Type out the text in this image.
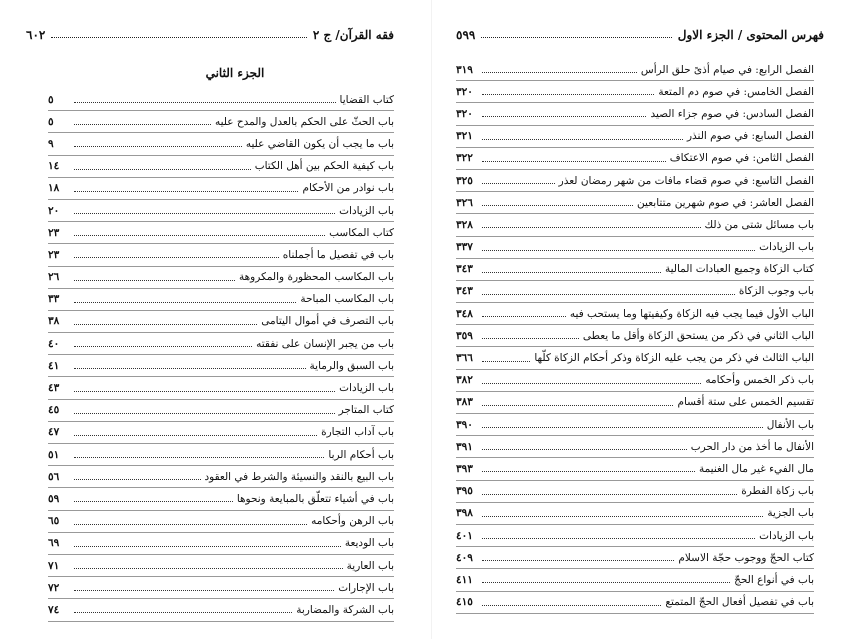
٦٠٢	فقه القرآن/ ج ٢
الجزء الثاني
٥	كتاب القضايا
٥	باب الحثّ على الحكم بالعدل والمدح عليه
٩	باب ما يجب أن يكون القاضي عليه
١٤	باب كيفية الحكم بين أهل الكتاب
١٨	باب نوادر من الأحكام
٢٠	باب الزيادات
٢٣	كتاب المكاسب
٢٣	باب في تفصيل ما أجملناه
٢٦	باب المكاسب المحظورة والمكروهة
٣٣	باب المكاسب المباحة
٣٨	باب التصرف في أموال اليتامى
٤٠	باب من يجبر الإنسان على نفقته
٤١	باب السبق والرماية
٤٣	باب الزيادات
٤٥	كتاب المتاجر
٤٧	باب آداب التجارة
٥١	باب أحكام الربا
٥٦	باب البيع بالنقد والنسيئة والشرط في العقود
٥٩	باب في أشياء تتعلّق بالمبايعة ونحوها
٦٥	باب الرهن وأحكامه
٦٩	باب الوديعة
٧١	باب العارية
٧٢	باب الإجارات
٧٤	باب الشركة والمضاربة
٥٩٩	فهرس المحتوى / الجزء الاول
٣١٩	الفصل الرابع: في صيام أذىً حلق الرأس
٣٢٠	الفصل الخامس: في صوم دم المتعة
٣٢٠	الفصل السادس: في صوم جزاء الصيد
٣٢١	الفصل السابع: في صوم النذر
٣٢٢	الفصل الثامن: في صوم الاعتكاف
٣٢٥	الفصل التاسع: في صوم قضاء مافات من شهر رمضان لعذر
٣٢٦	الفصل العاشر: في صوم شهرين متتابعين
٣٢٨	باب مسائل شتى من ذلك
٣٣٧	باب الزيادات
٣٤٣	كتاب الزكاة وجميع العبادات المالية
٣٤٣	باب وجوب الزكاة
٣٤٨	الباب الأول فيما يجب فيه الزكاة وكيفيتها وما يستحب فيه
٣٥٩	الباب الثاني في ذكر من يستحق الزكاة وأقل ما يعطى
٣٦٦	الباب الثالث في ذكر من يجب عليه الزكاة وذكر أحكام الزكاة كلّها
٣٨٢	باب ذكر الخمس وأحكامه
٣٨٣	تقسيم الخمس على ستة أقسام
٣٩٠	باب الأنفال
٣٩١	الأنفال ما أخذ من دار الحرب
٣٩٣	مال الفيء غير مال الغنيمة
٣٩٥	باب زكاة الفطرة
٣٩٨	باب الجزية
٤٠١	باب الزيادات
٤٠٩	كتاب الحجّ ووجوب حجّة الاسلام
٤١١	باب في أنواع الحجّ
٤١٥	باب في تفصيل أفعال الحجّ المتمتع
